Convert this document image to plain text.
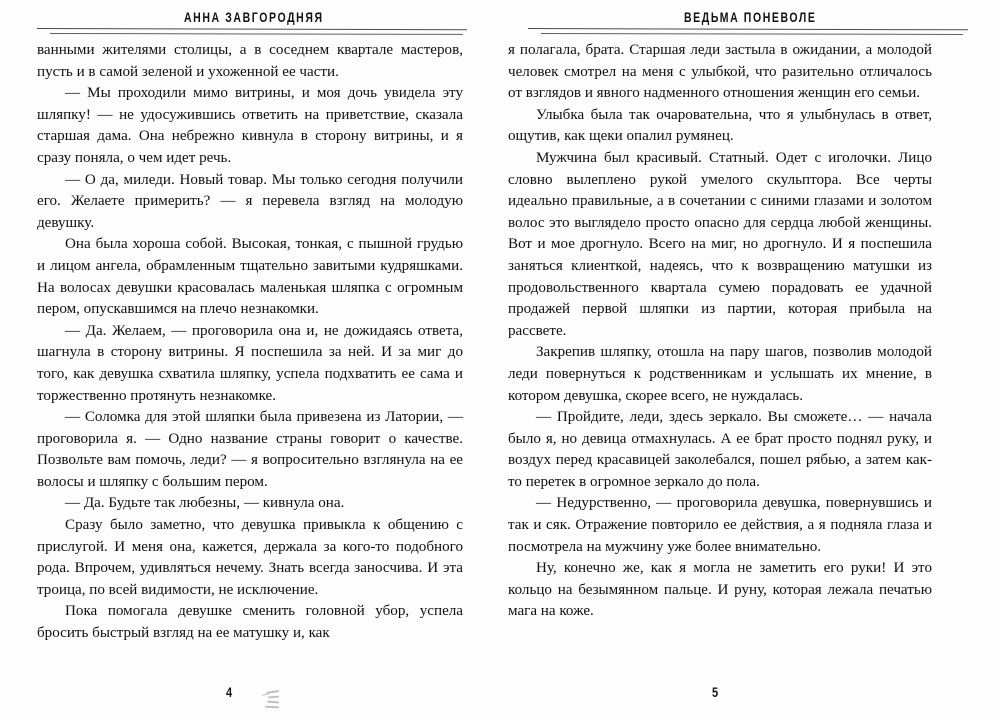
АННА ЗАВГОРОДНЯЯ

ванными жителями столицы, а в соседнем квартале мастеров, пусть и в самой зеленой и ухоженной ее части.

— Мы проходили мимо витрины, и моя дочь увидела эту шляпку! — не удосужившись ответить на приветствие, сказала старшая дама. Она небрежно кивнула в сторону витрины, и я сразу поняла, о чем идет речь.

— О да, миледи. Новый товар. Мы только сегодня получили его. Желаете примерить? — я перевела взгляд на молодую девушку.

Она была хороша собой. Высокая, тонкая, с пышной грудью и лицом ангела, обрамленным тщательно завитыми кудряшками. На волосах девушки красовалась маленькая шляпка с огромным пером, опускавшимся на плечо незнакомки.

— Да. Желаем, — проговорила она и, не дожидаясь ответа, шагнула в сторону витрины. Я поспешила за ней. И за миг до того, как девушка схватила шляпку, успела подхватить ее сама и торжественно протянуть незнакомке.

— Соломка для этой шляпки была привезена из Латории, — проговорила я. — Одно название страны говорит о качестве. Позвольте вам помочь, леди? — я вопросительно взглянула на ее волосы и шляпку с большим пером.

— Да. Будьте так любезны, — кивнула она.

Сразу было заметно, что девушка привыкла к общению с прислугой. И меня она, кажется, держала за кого-то подобного рода. Впрочем, удивляться нечему. Знать всегда заносчива. И эта троица, по всей видимости, не исключение.

Пока помогала девушке сменить головной убор, успела бросить быстрый взгляд на ее матушку и, как

4
ВЕДЬМА ПОНЕВОЛЕ

я полагала, брата. Старшая леди застыла в ожидании, а молодой человек смотрел на меня с улыбкой, что разительно отличалось от взглядов и явного надменного отношения женщин его семьи.

Улыбка была так очаровательна, что я улыбнулась в ответ, ощутив, как щеки опалил румянец.

Мужчина был красивый. Статный. Одет с иголочки. Лицо словно вылеплено рукой умелого скульптора. Все черты идеально правильные, а в сочетании с синими глазами и золотом волос это выглядело просто опасно для сердца любой женщины. Вот и мое дрогнуло. Всего на миг, но дрогнуло. И я поспешила заняться клиенткой, надеясь, что к возвращению матушки из продовольственного квартала сумею порадовать ее удачной продажей первой шляпки из партии, которая прибыла на рассвете.

Закрепив шляпку, отошла на пару шагов, позволив молодой леди повернуться к родственникам и услышать их мнение, в котором девушка, скорее всего, не нуждалась.

— Пройдите, леди, здесь зеркало. Вы сможете… — начала было я, но девица отмахнулась. А ее брат просто поднял руку, и воздух перед красавицей заколебался, пошел рябью, а затем как-то перетек в огромное зеркало до пола.

— Недурственно, — проговорила девушка, повернувшись и так и сяк. Отражение повторило ее действия, а я подняла глаза и посмотрела на мужчину уже более внимательно.

Ну, конечно же, как я могла не заметить его руки! И это кольцо на безымянном пальце. И руну, которая лежала печатью мага на коже.

5
